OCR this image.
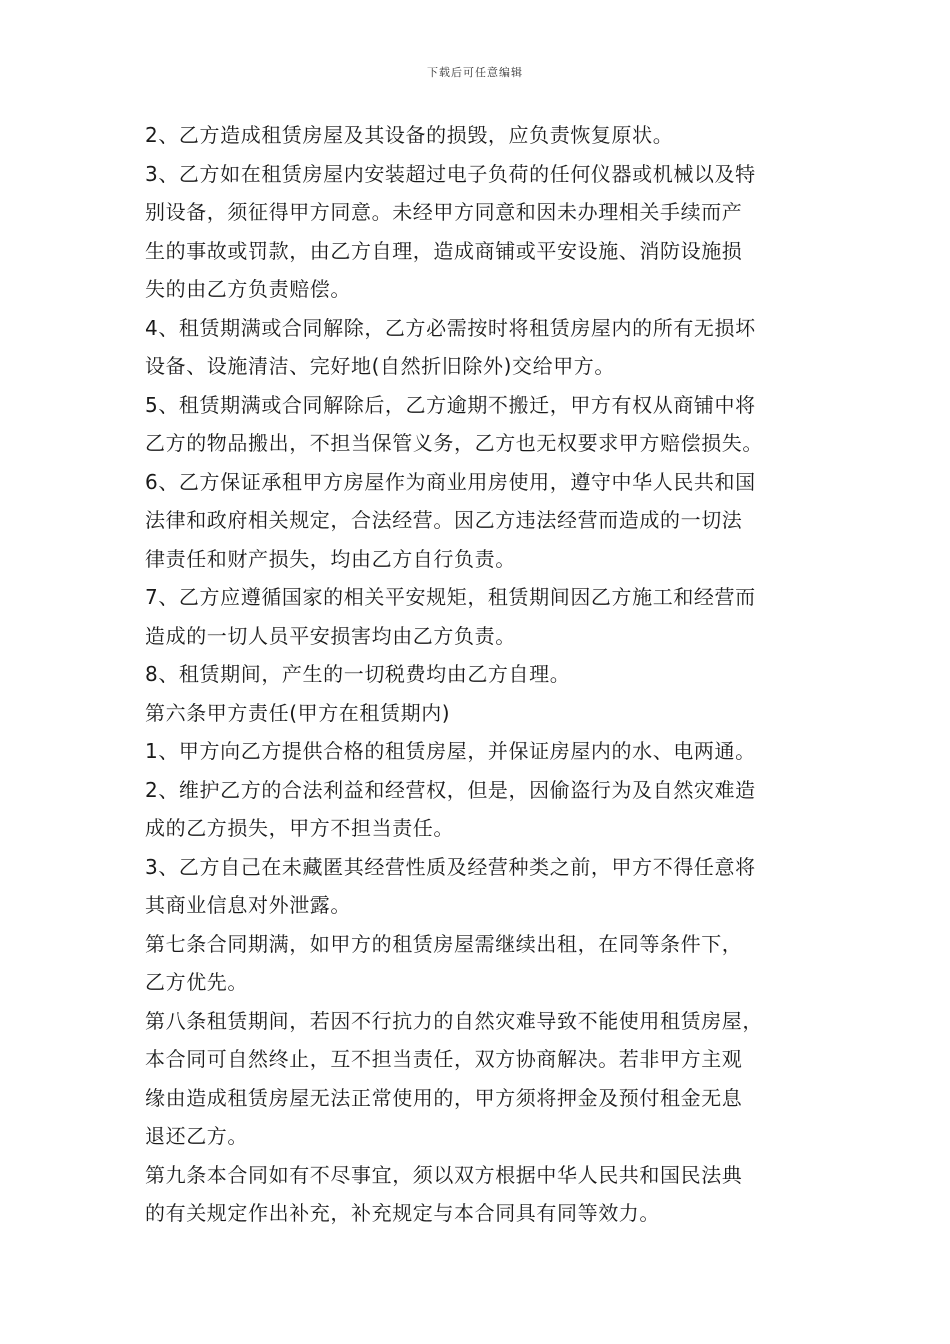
下载后可任意编辑
2、乙方造成租赁房屋及其设备的损毁，应负责恢复原状。
3、乙方如在租赁房屋内安装超过电子负荷的任何仪器或机械以及特
别设备，须征得甲方同意。未经甲方同意和因未办理相关手续而产
生的事故或罚款，由乙方自理，造成商铺或平安设施、消防设施损
失的由乙方负责赔偿。
4、租赁期满或合同解除，乙方必需按时将租赁房屋内的所有无损坏
设备、设施清洁、完好地(自然折旧除外)交给甲方。
5、租赁期满或合同解除后，乙方逾期不搬迁，甲方有权从商铺中将
乙方的物品搬出，不担当保管义务，乙方也无权要求甲方赔偿损失。
6、乙方保证承租甲方房屋作为商业用房使用，遵守中华人民共和国
法律和政府相关规定，合法经营。因乙方违法经营而造成的一切法
律责任和财产损失，均由乙方自行负责。
7、乙方应遵循国家的相关平安规矩，租赁期间因乙方施工和经营而
造成的一切人员平安损害均由乙方负责。
8、租赁期间，产生的一切税费均由乙方自理。
第六条甲方责任(甲方在租赁期内)
1、甲方向乙方提供合格的租赁房屋，并保证房屋内的水、电两通。
2、维护乙方的合法利益和经营权，但是，因偷盗行为及自然灾难造
成的乙方损失，甲方不担当责任。
3、乙方自己在未藏匿其经营性质及经营种类之前，甲方不得任意将
其商业信息对外泄露。
第七条合同期满，如甲方的租赁房屋需继续出租，在同等条件下，
乙方优先。
第八条租赁期间，若因不行抗力的自然灾难导致不能使用租赁房屋，
本合同可自然终止，互不担当责任，双方协商解决。若非甲方主观
缘由造成租赁房屋无法正常使用的，甲方须将押金及预付租金无息
退还乙方。
第九条本合同如有不尽事宜，须以双方根据中华人民共和国民法典
的有关规定作出补充，补充规定与本合同具有同等效力。
